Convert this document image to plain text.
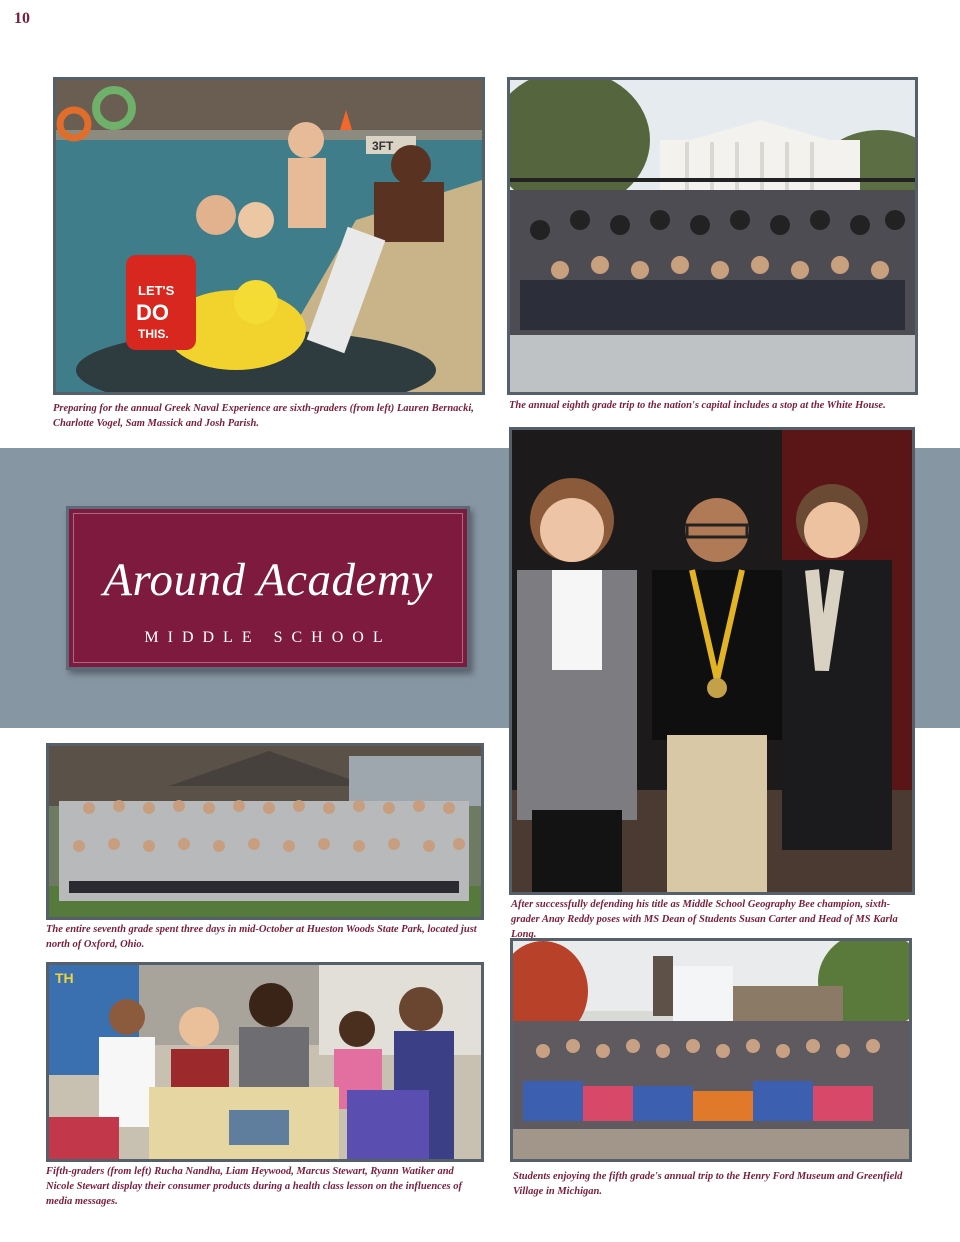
10
3FT
LET'S
DO
THIS.

Preparing for the annual Greek Naval Experience are sixth-graders (from left) Lauren Bernacki, Charlotte Vogel, Sam Massick and Josh Parish.

The annual eighth grade trip to the nation's capital includes a stop at the White House.

Around Academy
MIDDLE SCHOOL

After successfully defending his title as Middle School Geography Bee champion, sixth-grader Anay Reddy poses with MS Dean of Students Susan Carter and Head of MS Karla Long.

The entire seventh grade spent three days in mid-October at Hueston Woods State Park, located just north of Oxford, Ohio.

TH

Fifth-graders (from left) Rucha Nandha, Liam Heywood, Marcus Stewart, Ryann Watiker and Nicole Stewart display their consumer products during a health class lesson on the influences of media messages.

Students enjoying the fifth grade's annual trip to the Henry Ford Museum and Greenfield Village in Michigan.
